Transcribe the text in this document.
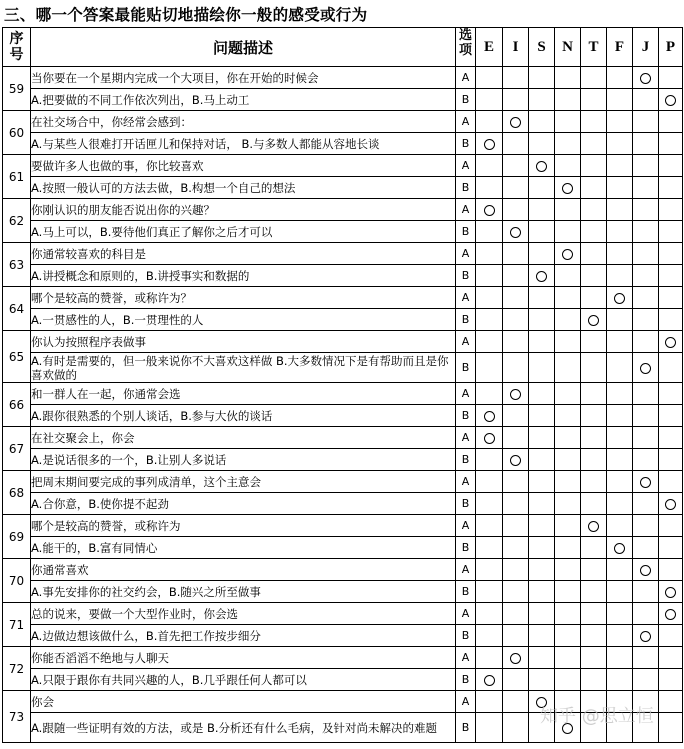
三、哪一个答案最能贴切地描绘你一般的感受或行为
序号	问题描述	选项	E	I	S	N	T	F	J	P
59	当你要在一个星期内完成一个大项目，你在开始的时候会	A								
	A.把要做的不同工作依次列出，B.马上动工	B								
60	在社交场合中，你经常会感到：	A								
	A.与某些人很难打开话匣儿和保持对话， B.与多数人都能从容地长谈	B								
61	要做许多人也做的事，你比较喜欢	A								
	A.按照一般认可的方法去做，B.构想一个自己的想法	B								
62	你刚认识的朋友能否说出你的兴趣？	A								
	A.马上可以，B.要待他们真正了解你之后才可以	B								
63	你通常较喜欢的科目是	A								
	A.讲授概念和原则的，B.讲授事实和数据的	B								
64	哪个是较高的赞誉，或称许为？	A								
	A.一贯感性的人，B.一贯理性的人	B								
65	你认为按照程序表做事	A								
	A.有时是需要的，但一般来说你不大喜欢这样做 B.大多数情况下是有帮助而且是你喜欢做的	B								
66	和一群人在一起，你通常会选	A								
	A.跟你很熟悉的个别人谈话，B.参与大伙的谈话	B								
67	在社交聚会上，你会	A								
	A.是说话很多的一个，B.让别人多说话	B								
68	把周末期间要完成的事列成清单，这个主意会	A								
	A.合你意，B.使你提不起劲	B								
69	哪个是较高的赞誉，或称许为	A								
	A.能干的，B.富有同情心	B								
70	你通常喜欢	A								
	A.事先安排你的社交约会，B.随兴之所至做事	B								
71	总的说来，要做一个大型作业时，你会选	A								
	A.边做边想该做什么，B.首先把工作按步细分	B								
72	你能否滔滔不绝地与人聊天	A								
	A.只限于跟你有共同兴趣的人，B.几乎跟任何人都可以	B								
73	你会	A								
	A.跟随一些证明有效的方法，或是 B.分析还有什么毛病，及针对尚未解决的难题	B								
知乎 @思立恒
